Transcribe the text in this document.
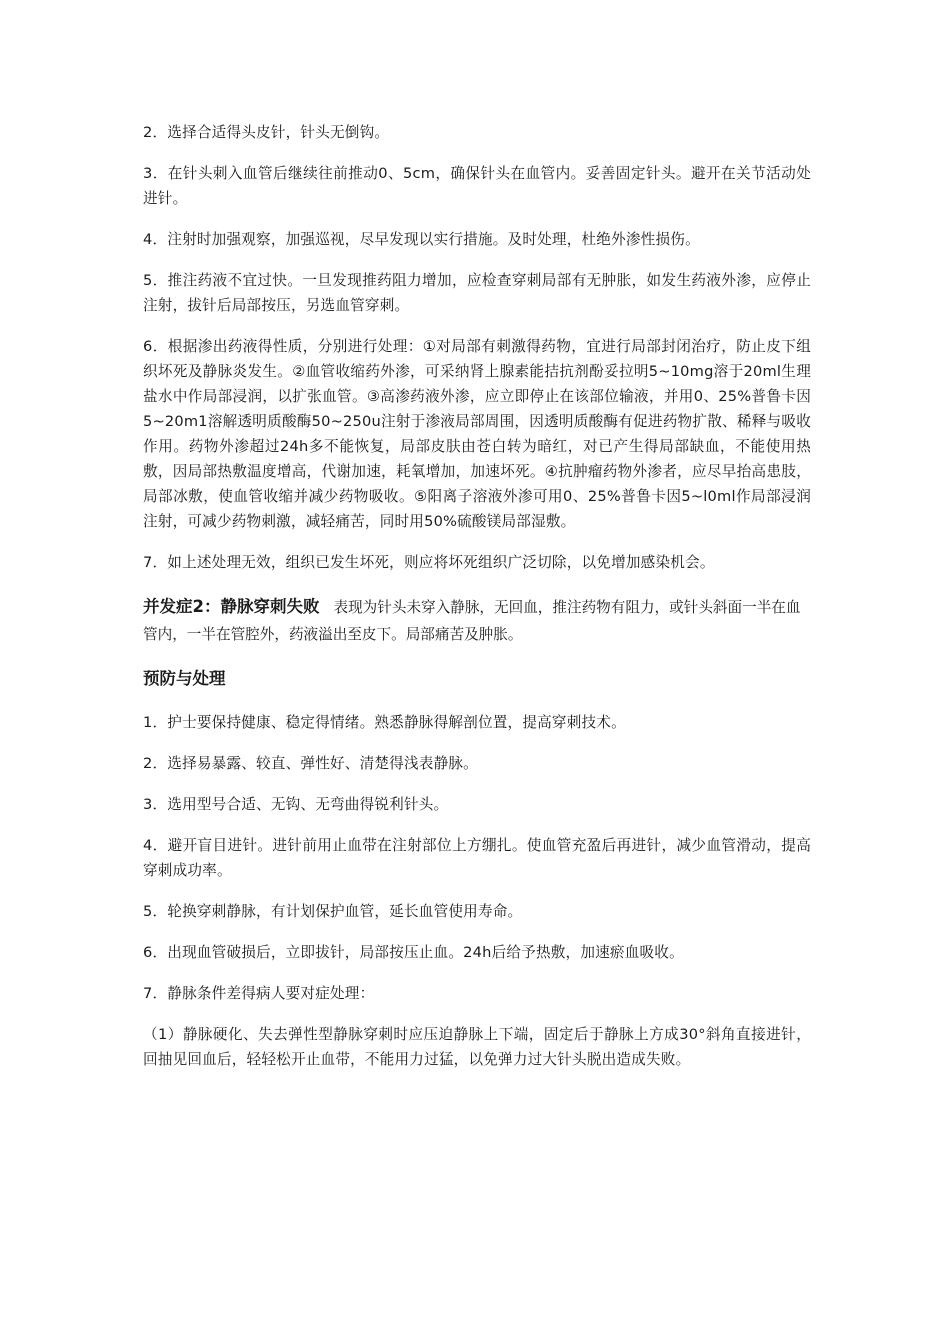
2．选择合适得头皮针，针头无倒钩。

3．在针头刺入血管后继续往前推动0、5cm，确保针头在血管内。妥善固定针头。避开在关节活动处进针。

4．注射时加强观察，加强巡视，尽早发现以实行措施。及时处理，杜绝外渗性损伤。

5．推注药液不宜过快。一旦发现推药阻力增加，应检查穿刺局部有无肿胀，如发生药液外渗，应停止注射，拔针后局部按压，另选血管穿刺。

6．根据渗出药液得性质，分别进行处理：①对局部有刺激得药物，宜进行局部封闭治疗，防止皮下组织坏死及静脉炎发生。②血管收缩药外渗，可采纳肾上腺素能拮抗剂酚妥拉明5~10mg溶于20ml生理盐水中作局部浸润，以扩张血管。③高渗药液外渗，应立即停止在该部位输液，并用0、25%普鲁卡因5~20m1溶解透明质酸酶50~250u注射于渗液局部周围，因透明质酸酶有促进药物扩散、稀释与吸收作用。药物外渗超过24h多不能恢复，局部皮肤由苍白转为暗红，对已产生得局部缺血，不能使用热敷，因局部热敷温度增高，代谢加速，耗氧增加，加速坏死。④抗肿瘤药物外渗者，应尽早抬高患肢，局部冰敷，使血管收缩并减少药物吸收。⑤阳离子溶液外渗可用0、25%普鲁卡因5~l0ml作局部浸润注射，可减少药物刺激，减轻痛苦，同时用50%硫酸镁局部湿敷。

7．如上述处理无效，组织已发生坏死，则应将坏死组织广泛切除，以免增加感染机会。

并发症2：静脉穿刺失败 表现为针头未穿入静脉，无回血，推注药物有阻力，或针头斜面一半在血管内，一半在管腔外，药液溢出至皮下。局部痛苦及肿胀。

预防与处理

1．护士要保持健康、稳定得情绪。熟悉静脉得解剖位置，提高穿刺技术。

2．选择易暴露、较直、弹性好、清楚得浅表静脉。

3．选用型号合适、无钩、无弯曲得锐利针头。

4．避开盲目进针。进针前用止血带在注射部位上方绷扎。使血管充盈后再进针，减少血管滑动，提高穿刺成功率。

5．轮换穿刺静脉，有计划保护血管，延长血管使用寿命。

6．出现血管破损后，立即拔针，局部按压止血。24h后给予热敷，加速瘀血吸收。

7．静脉条件差得病人要对症处理：

（1）静脉硬化、失去弹性型静脉穿刺时应压迫静脉上下端，固定后于静脉上方成30°斜角直接进针，回抽见回血后，轻轻松开止血带，不能用力过猛，以免弹力过大针头脱出造成失败。
